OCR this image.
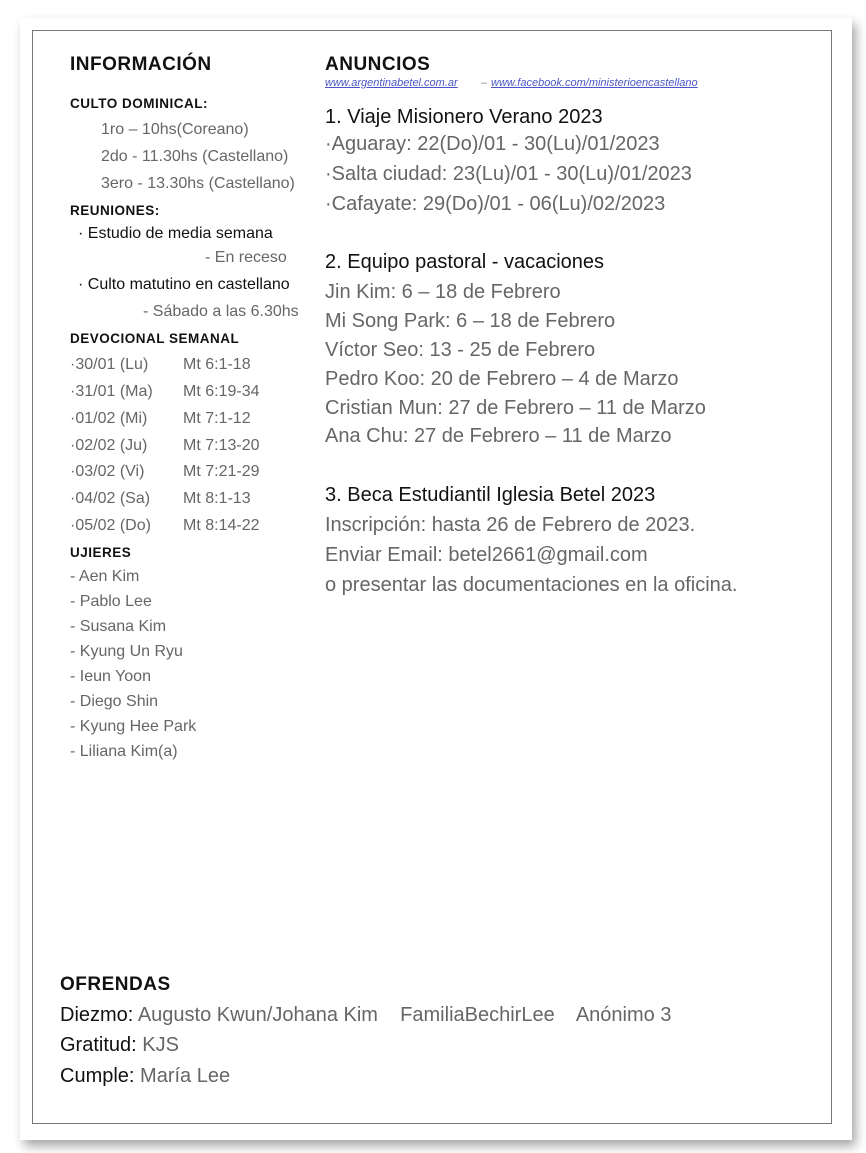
INFORMACIÓN
CULTO DOMINICAL:
1ro – 10hs(Coreano)
2do - 11.30hs (Castellano)
3ero - 13.30hs (Castellano)
REUNIONES:
· Estudio de media semana
- En receso
· Culto matutino en castellano
- Sábado a las 6.30hs
DEVOCIONAL SEMANAL
·30/01 (Lu) Mt 6:1-18
·31/01 (Ma) Mt 6:19-34
·01/02 (Mi) Mt 7:1-12
·02/02 (Ju) Mt 7:13-20
·03/02 (Vi) Mt 7:21-29
·04/02 (Sa) Mt 8:1-13
·05/02 (Do) Mt 8:14-22
UJIERES
- Aen Kim
- Pablo Lee
- Susana Kim
- Kyung Un Ryu
- Ieun Yoon
- Diego Shin
- Kyung Hee Park
- Liliana Kim(a)
ANUNCIOS
www.argentinabetel.com.ar – www.facebook.com/ministerioencastellano
1. Viaje Misionero Verano 2023
·Aguaray: 22(Do)/01 - 30(Lu)/01/2023
·Salta ciudad: 23(Lu)/01 - 30(Lu)/01/2023
·Cafayate: 29(Do)/01 - 06(Lu)/02/2023
2. Equipo pastoral - vacaciones
Jin Kim: 6 – 18 de Febrero
Mi Song Park: 6 – 18 de Febrero
Víctor Seo: 13 - 25 de Febrero
Pedro Koo: 20 de Febrero – 4 de Marzo
Cristian Mun: 27 de Febrero – 11 de Marzo
Ana Chu: 27 de Febrero – 11 de Marzo
3. Beca Estudiantil Iglesia Betel 2023
Inscripción: hasta 26 de Febrero de 2023.
Enviar Email: betel2661@gmail.com
o presentar las documentaciones en la oficina.
OFRENDAS
Diezmo: Augusto Kwun/Johana Kim    FamiliaBechirLee    Anónimo 3
Gratitud: KJS
Cumple: María Lee
